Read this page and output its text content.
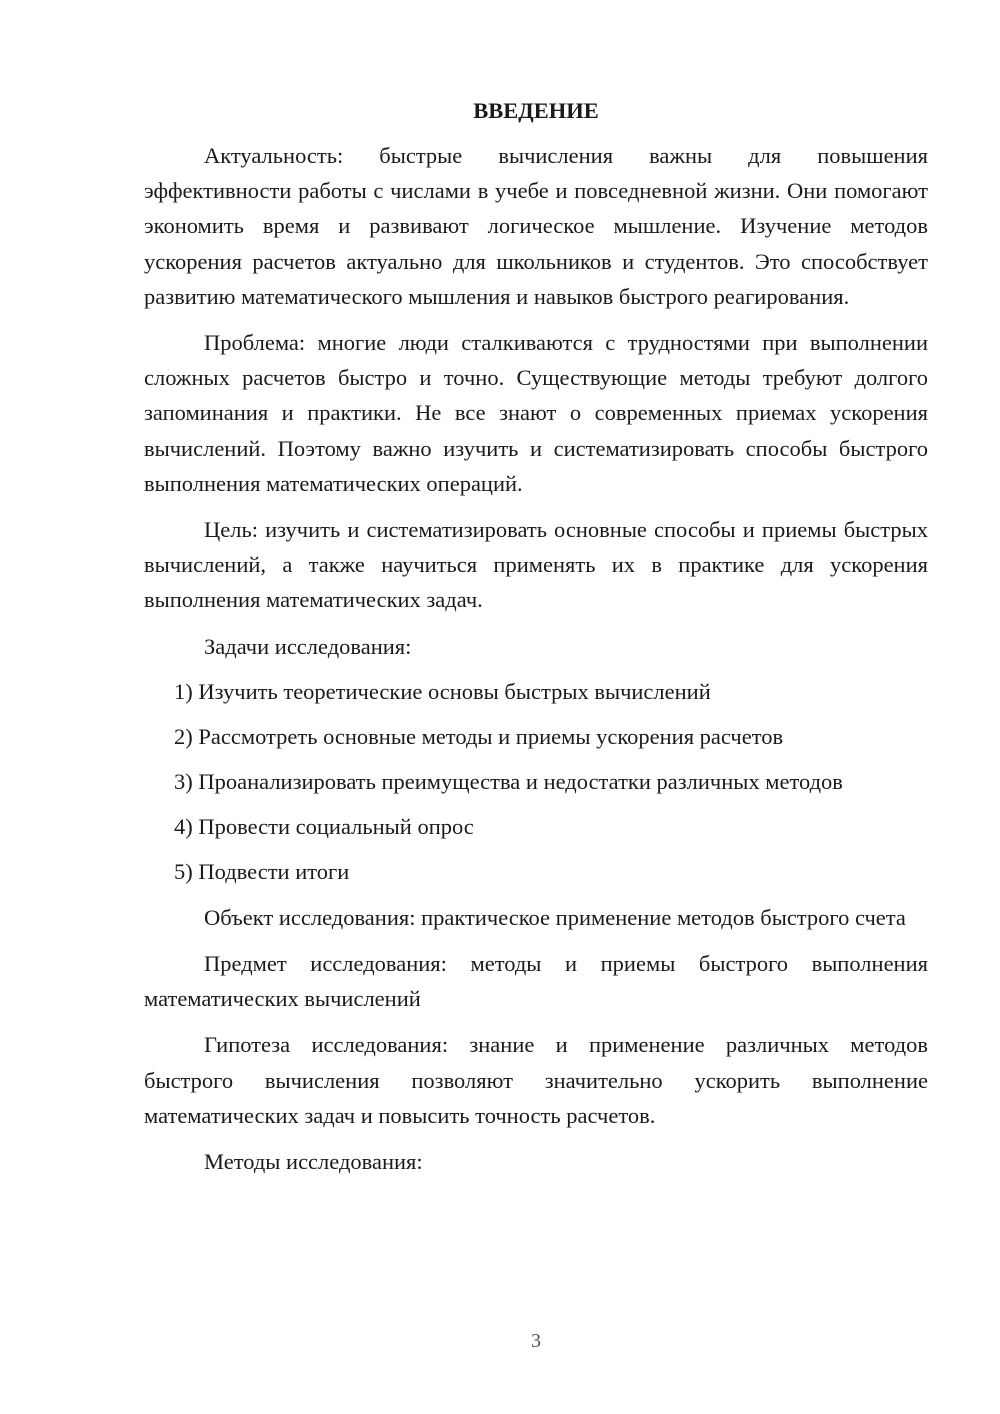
ВВЕДЕНИЕ

Актуальность: быстрые вычисления важны для повышения эффективности работы с числами в учебе и повседневной жизни. Они помогают экономить время и развивают логическое мышление. Изучение методов ускорения расчетов актуально для школьников и студентов. Это способствует развитию математического мышления и навыков быстрого реагирования.

Проблема: многие люди сталкиваются с трудностями при выполнении сложных расчетов быстро и точно. Существующие методы требуют долгого запоминания и практики. Не все знают о современных приемах ускорения вычислений. Поэтому важно изучить и систематизировать способы быстрого выполнения математических операций.

Цель: изучить и систематизировать основные способы и приемы быстрых вычислений, а также научиться применять их в практике для ускорения выполнения математических задач.

Задачи исследования:

1) Изучить теоретические основы быстрых вычислений
2) Рассмотреть основные методы и приемы ускорения расчетов
3) Проанализировать преимущества и недостатки различных методов
4) Провести социальный опрос
5) Подвести итоги

Объект исследования: практическое применение методов быстрого счета

Предмет исследования: методы и приемы быстрого выполнения математических вычислений

Гипотеза исследования: знание и применение различных методов быстрого вычисления позволяют значительно ускорить выполнение математических задач и повысить точность расчетов.

Методы исследования:

3
